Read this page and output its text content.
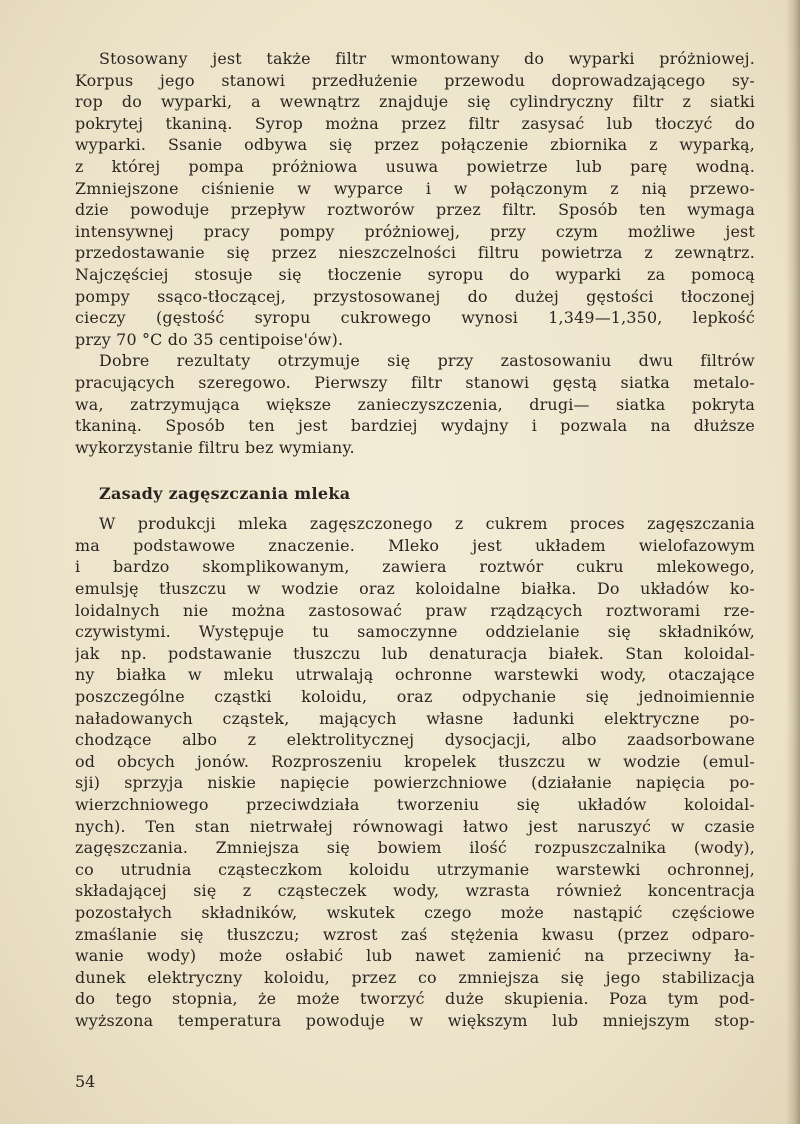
Stosowany jest także filtr wmontowany do wyparki próżniowej.
Korpus jego stanowi przedłużenie przewodu doprowadzającego sy-
rop do wyparki, a wewnątrz znajduje się cylindryczny filtr z siatki
pokrytej tkaniną. Syrop można przez filtr zasysać lub tłoczyć do
wyparki. Ssanie odbywa się przez połączenie zbiornika z wyparką,
z której pompa próżniowa usuwa powietrze lub parę wodną.
Zmniejszone ciśnienie w wyparce i w połączonym z nią przewo-
dzie powoduje przepływ roztworów przez filtr. Sposób ten wymaga
intensywnej pracy pompy próżniowej, przy czym możliwe jest
przedostawanie się przez nieszczelności filtru powietrza z zewnątrz.
Najczęściej stosuje się tłoczenie syropu do wyparki za pomocą
pompy ssąco-tłoczącej, przystosowanej do dużej gęstości tłoczonej
cieczy (gęstość syropu cukrowego wynosi 1,349—1,350, lepkość
przy 70 °C do 35 centipoise'ów).

Dobre rezultaty otrzymuje się przy zastosowaniu dwu filtrów
pracujących szeregowo. Pierwszy filtr stanowi gęstą siatka metalo-
wa, zatrzymująca większe zanieczyszczenia, drugi— siatka pokryta
tkaniną. Sposób ten jest bardziej wydajny i pozwala na dłuższe
wykorzystanie filtru bez wymiany.

Zasady zagęszczania mleka

W produkcji mleka zagęszczonego z cukrem proces zagęszczania
ma podstawowe znaczenie. Mleko jest układem wielofazowym
i bardzo skomplikowanym, zawiera roztwór cukru mlekowego,
emulsję tłuszczu w wodzie oraz koloidalne białka. Do układów ko-
loidalnych nie można zastosować praw rządzących roztworami rze-
czywistymi. Występuje tu samoczynne oddzielanie się składników,
jak np. podstawanie tłuszczu lub denaturacja białek. Stan koloidal-
ny białka w mleku utrwalają ochronne warstewki wody, otaczające
poszczególne cząstki koloidu, oraz odpychanie się jednoimiennie
naładowanych cząstek, mających własne ładunki elektryczne po-
chodzące albo z elektrolitycznej dysocjacji, albo zaadsorbowane
od obcych jonów. Rozproszeniu kropelek tłuszczu w wodzie (emul-
sji) sprzyja niskie napięcie powierzchniowe (działanie napięcia po-
wierzchniowego przeciwdziała tworzeniu się układów koloidal-
nych). Ten stan nietrwałej równowagi łatwo jest naruszyć w czasie
zagęszczania. Zmniejsza się bowiem ilość rozpuszczalnika (wody),
co utrudnia cząsteczkom koloidu utrzymanie warstewki ochronnej,
składającej się z cząsteczek wody, wzrasta również koncentracja
pozostałych składników, wskutek czego może nastąpić częściowe
zmaślanie się tłuszczu; wzrost zaś stężenia kwasu (przez odparo-
wanie wody) może osłabić lub nawet zamienić na przeciwny ła-
dunek elektryczny koloidu, przez co zmniejsza się jego stabilizacja
do tego stopnia, że może tworzyć duże skupienia. Poza tym pod-
wyższona temperatura powoduje w większym lub mniejszym stop-

54
